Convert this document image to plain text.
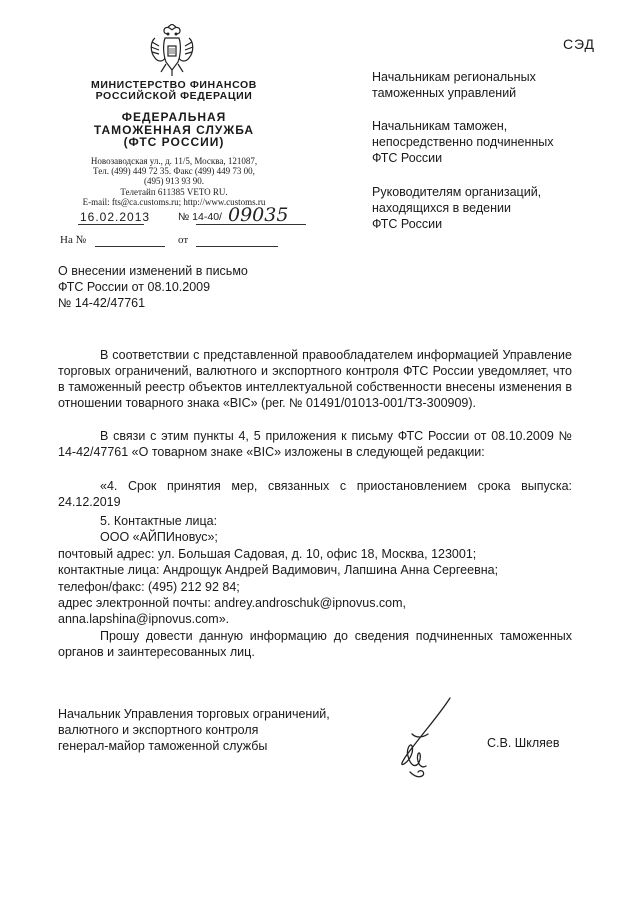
СЭД
МИНИСТЕРСТВО ФИНАНСОВ
РОССИЙСКОЙ ФЕДЕРАЦИИ
ФЕДЕРАЛЬНАЯ
ТАМОЖЕННАЯ СЛУЖБА
(ФТС РОССИИ)
Новозаводская ул., д. 11/5, Москва, 121087,
Тел. (499) 449 72 35. Факс (499) 449 73 00,
(495) 913 93 90.
Телетайп 611385 VETO RU.
E-mail: fts@ca.customs.ru; http://www.customs.ru
16.02.2013	№ 14-40/ 09035
На №	от
Начальникам региональных
таможенных управлений
Начальникам таможен,
непосредственно подчиненных
ФТС России
Руководителям организаций,
находящихся в ведении
ФТС России
О внесении изменений в письмо
ФТС России от 08.10.2009
№ 14-42/47761
В соответствии с представленной правообладателем информацией Управление торговых ограничений, валютного и экспортного контроля ФТС России уведомляет, что в таможенный реестр объектов интеллектуальной собственности внесены изменения в отношении товарного знака «BIC» (рег. № 01491/01013-001/ТЗ-300909).
В связи с этим пункты 4, 5 приложения к письму ФТС России от 08.10.2009 № 14-42/47761 «О товарном знаке «BIC» изложены в следующей редакции:
«4. Срок принятия мер, связанных с приостановлением срока выпуска: 24.12.2019
5. Контактные лица:
ООО «АЙПИновус»;
почтовый адрес: ул. Большая Садовая, д. 10, офис 18, Москва, 123001;
контактные лица: Андрощук Андрей Вадимович, Лапшина Анна Сергеевна;
телефон/факс: (495) 212 92 84;
адрес электронной почты: andrey.androschuk@ipnovus.com,
anna.lapshina@ipnovus.com».
Прошу довести данную информацию до сведения подчиненных таможенных органов и заинтересованных лиц.
Начальник Управления торговых ограничений,
валютного и экспортного контроля
генерал-майор таможенной службы	С.В. Шкляев
